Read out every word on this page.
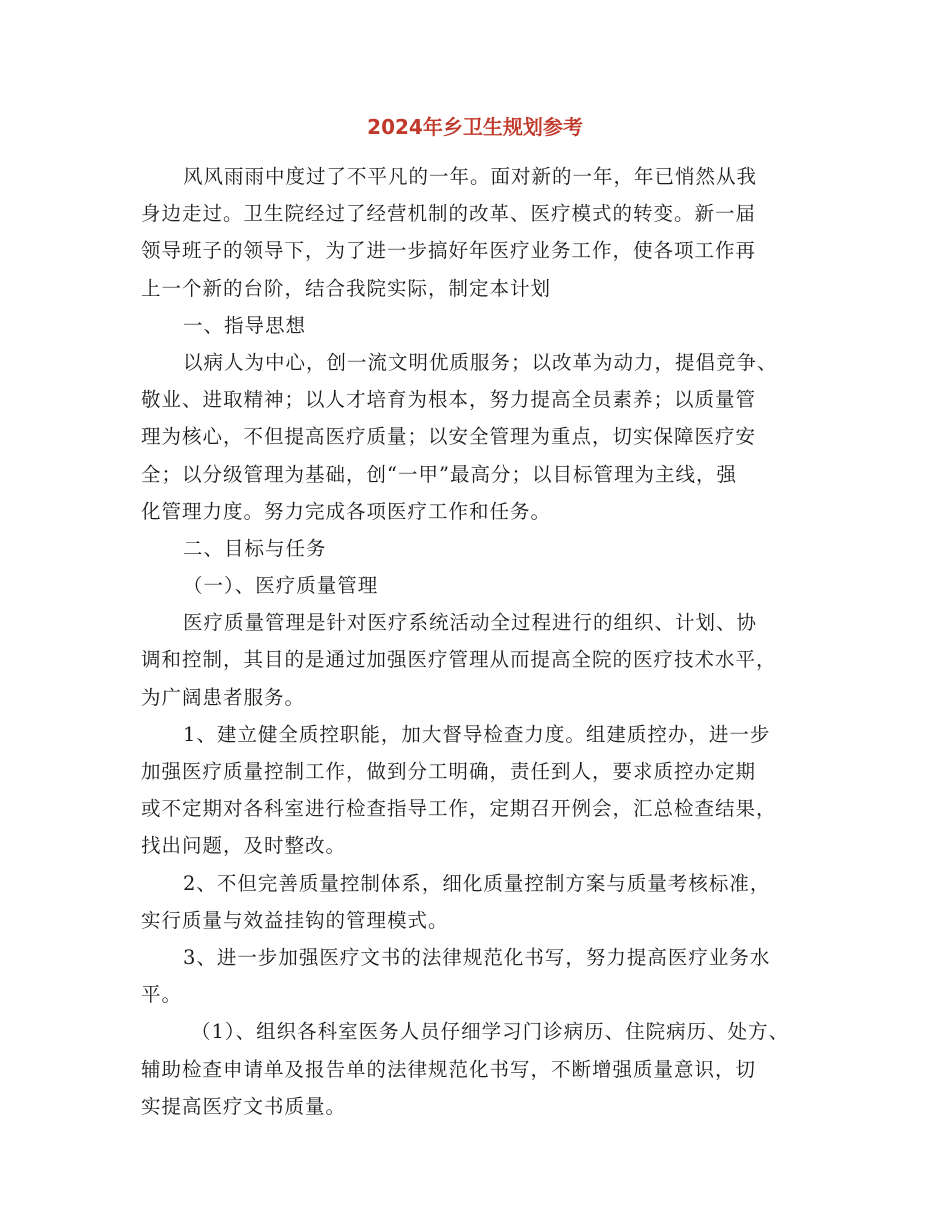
2024年乡卫生规划参考
风风雨雨中度过了不平凡的一年。面对新的一年，年已悄然从我
身边走过。卫生院经过了经营机制的改革、医疗模式的转变。新一届
领导班子的领导下，为了进一步搞好年医疗业务工作，使各项工作再
上一个新的台阶，结合我院实际，制定本计划
一、指导思想
以病人为中心，创一流文明优质服务；以改革为动力，提倡竞争、
敬业、进取精神；以人才培育为根本，努力提高全员素养；以质量管
理为核心，不但提高医疗质量；以安全管理为重点，切实保障医疗安
全；以分级管理为基础，创“一甲”最高分；以目标管理为主线，强
化管理力度。努力完成各项医疗工作和任务。
二、目标与任务
（一）、医疗质量管理
医疗质量管理是针对医疗系统活动全过程进行的组织、计划、协
调和控制，其目的是通过加强医疗管理从而提高全院的医疗技术水平，
为广阔患者服务。
1、建立健全质控职能，加大督导检查力度。组建质控办，进一步
加强医疗质量控制工作，做到分工明确，责任到人，要求质控办定期
或不定期对各科室进行检查指导工作，定期召开例会，汇总检查结果，
找出问题，及时整改。
2、不但完善质量控制体系，细化质量控制方案与质量考核标准，
实行质量与效益挂钩的管理模式。
3、进一步加强医疗文书的法律规范化书写，努力提高医疗业务水
平。
（1）、组织各科室医务人员仔细学习门诊病历、住院病历、处方、
辅助检查申请单及报告单的法律规范化书写，不断增强质量意识，切
实提高医疗文书质量。
